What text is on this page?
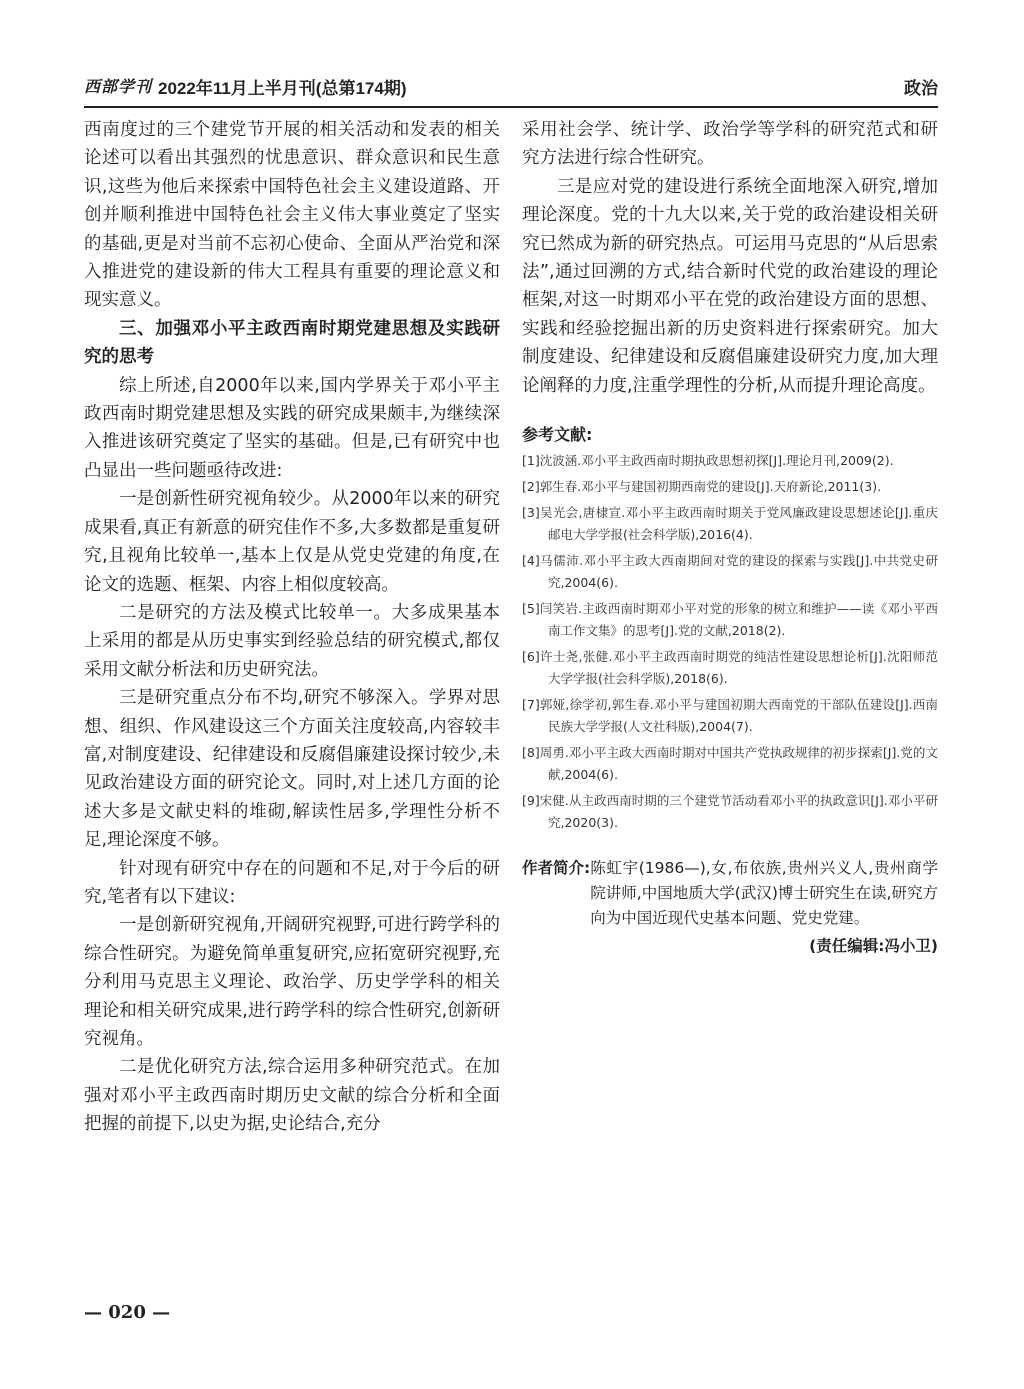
西部学刊 2022年11月上半月刊(总第174期)	政治

西南度过的三个建党节开展的相关活动和发表的相关论述可以看出其强烈的忧患意识、群众意识和民生意识,这些为他后来探索中国特色社会主义建设道路、开创并顺利推进中国特色社会主义伟大事业奠定了坚实的基础,更是对当前不忘初心使命、全面从严治党和深入推进党的建设新的伟大工程具有重要的理论意义和现实意义。

三、加强邓小平主政西南时期党建思想及实践研究的思考

综上所述,自2000年以来,国内学界关于邓小平主政西南时期党建思想及实践的研究成果颇丰,为继续深入推进该研究奠定了坚实的基础。但是,已有研究中也凸显出一些问题亟待改进:

一是创新性研究视角较少。从2000年以来的研究成果看,真正有新意的研究佳作不多,大多数都是重复研究,且视角比较单一,基本上仅是从党史党建的角度,在论文的选题、框架、内容上相似度较高。

二是研究的方法及模式比较单一。大多成果基本上采用的都是从历史事实到经验总结的研究模式,都仅采用文献分析法和历史研究法。

三是研究重点分布不均,研究不够深入。学界对思想、组织、作风建设这三个方面关注度较高,内容较丰富,对制度建设、纪律建设和反腐倡廉建设探讨较少,未见政治建设方面的研究论文。同时,对上述几方面的论述大多是文献史料的堆砌,解读性居多,学理性分析不足,理论深度不够。

针对现有研究中存在的问题和不足,对于今后的研究,笔者有以下建议:

一是创新研究视角,开阔研究视野,可进行跨学科的综合性研究。为避免简单重复研究,应拓宽研究视野,充分利用马克思主义理论、政治学、历史学学科的相关理论和相关研究成果,进行跨学科的综合性研究,创新研究视角。

二是优化研究方法,综合运用多种研究范式。在加强对邓小平主政西南时期历史文献的综合分析和全面把握的前提下,以史为据,史论结合,充分

采用社会学、统计学、政治学等学科的研究范式和研究方法进行综合性研究。

三是应对党的建设进行系统全面地深入研究,增加理论深度。党的十九大以来,关于党的政治建设相关研究已然成为新的研究热点。可运用马克思的“从后思索法”,通过回溯的方式,结合新时代党的政治建设的理论框架,对这一时期邓小平在党的政治建设方面的思想、实践和经验挖掘出新的历史资料进行探索研究。加大制度建设、纪律建设和反腐倡廉建设研究力度,加大理论阐释的力度,注重学理性的分析,从而提升理论高度。

参考文献:
[1]沈波涵.邓小平主政西南时期执政思想初探[J].理论月刊,2009(2).
[2]郭生春.邓小平与建国初期西南党的建设[J].天府新论,2011(3).
[3]吴光会,唐棣宣.邓小平主政西南时期关于党风廉政建设思想述论[J].重庆邮电大学学报(社会科学版),2016(4).
[4]马儒沛.邓小平主政大西南期间对党的建设的探索与实践[J].中共党史研究,2004(6).
[5]闫笑岩.主政西南时期邓小平对党的形象的树立和维护——读《邓小平西南工作文集》的思考[J].党的文献,2018(2).
[6]许士尧,张健.邓小平主政西南时期党的纯洁性建设思想论析[J].沈阳师范大学学报(社会科学版),2018(6).
[7]郭娅,徐学初,郭生春.邓小平与建国初期大西南党的干部队伍建设[J].西南民族大学学报(人文社科版),2004(7).
[8]周勇.邓小平主政大西南时期对中国共产党执政规律的初步探索[J].党的文献,2004(6).
[9]宋健.从主政西南时期的三个建党节活动看邓小平的执政意识[J].邓小平研究,2020(3).
作者简介: 陈虹宇(1986—),女,布依族,贵州兴义人,贵州商学院讲师,中国地质大学(武汉)博士研究生在读,研究方向为中国近现代史基本问题、党史党建。
(责任编辑:冯小卫)
— 020 —
